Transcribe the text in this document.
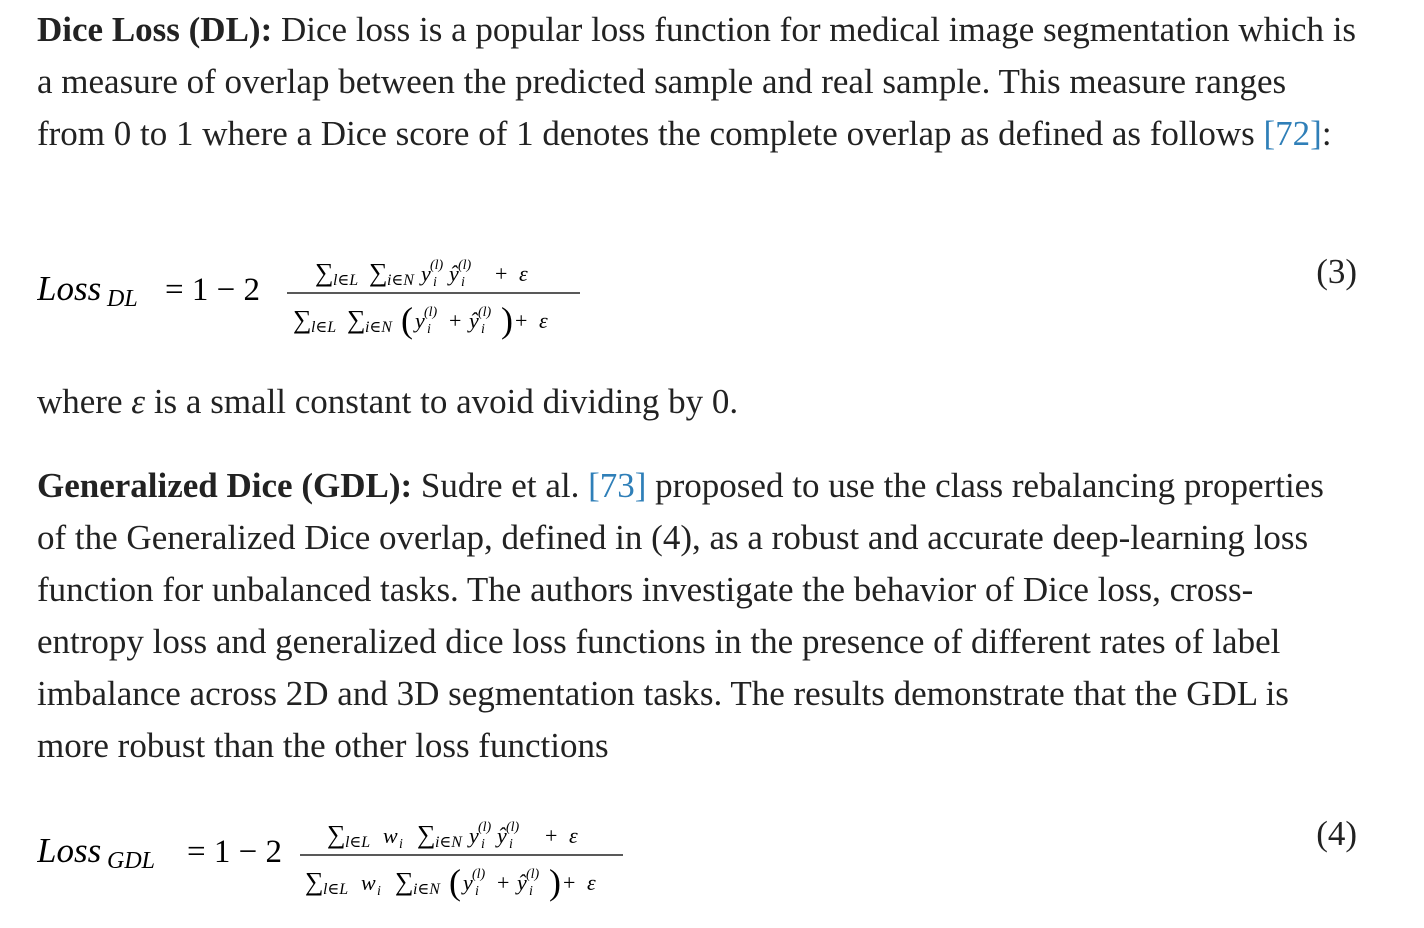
Dice Loss (DL): Dice loss is a popular loss function for medical image segmentation which is a measure of overlap between the predicted sample and real sample. This measure ranges from 0 to 1 where a Dice score of 1 denotes the complete overlap as defined as follows [72]:

Loss DL = 1 − 2 ∑ l∈L ∑ i∈N y i
(l) ŷ i
(l) + ε
∑ l∈L ∑ i∈N ( y i
(l) + ŷ i
(l) ) + ε
(3)

where ε is a small constant to avoid dividing by 0.

Generalized Dice (GDL): Sudre et al. [73] proposed to use the class rebalancing properties of the Generalized Dice overlap, defined in (4), as a robust and accurate deep-learning loss function for unbalanced tasks. The authors investigate the behavior of Dice loss, cross-entropy loss and generalized dice loss functions in the presence of different rates of label imbalance across 2D and 3D segmentation tasks. The results demonstrate that the GDL is more robust than the other loss functions

Loss GDL = 1 − 2 ∑ l∈L w i ∑ i∈N y i
(l) ŷ i
(l) + ε
∑ l∈L w i ∑ i∈N ( y i
(l) + ŷ i
(l) ) + ε
(4)
